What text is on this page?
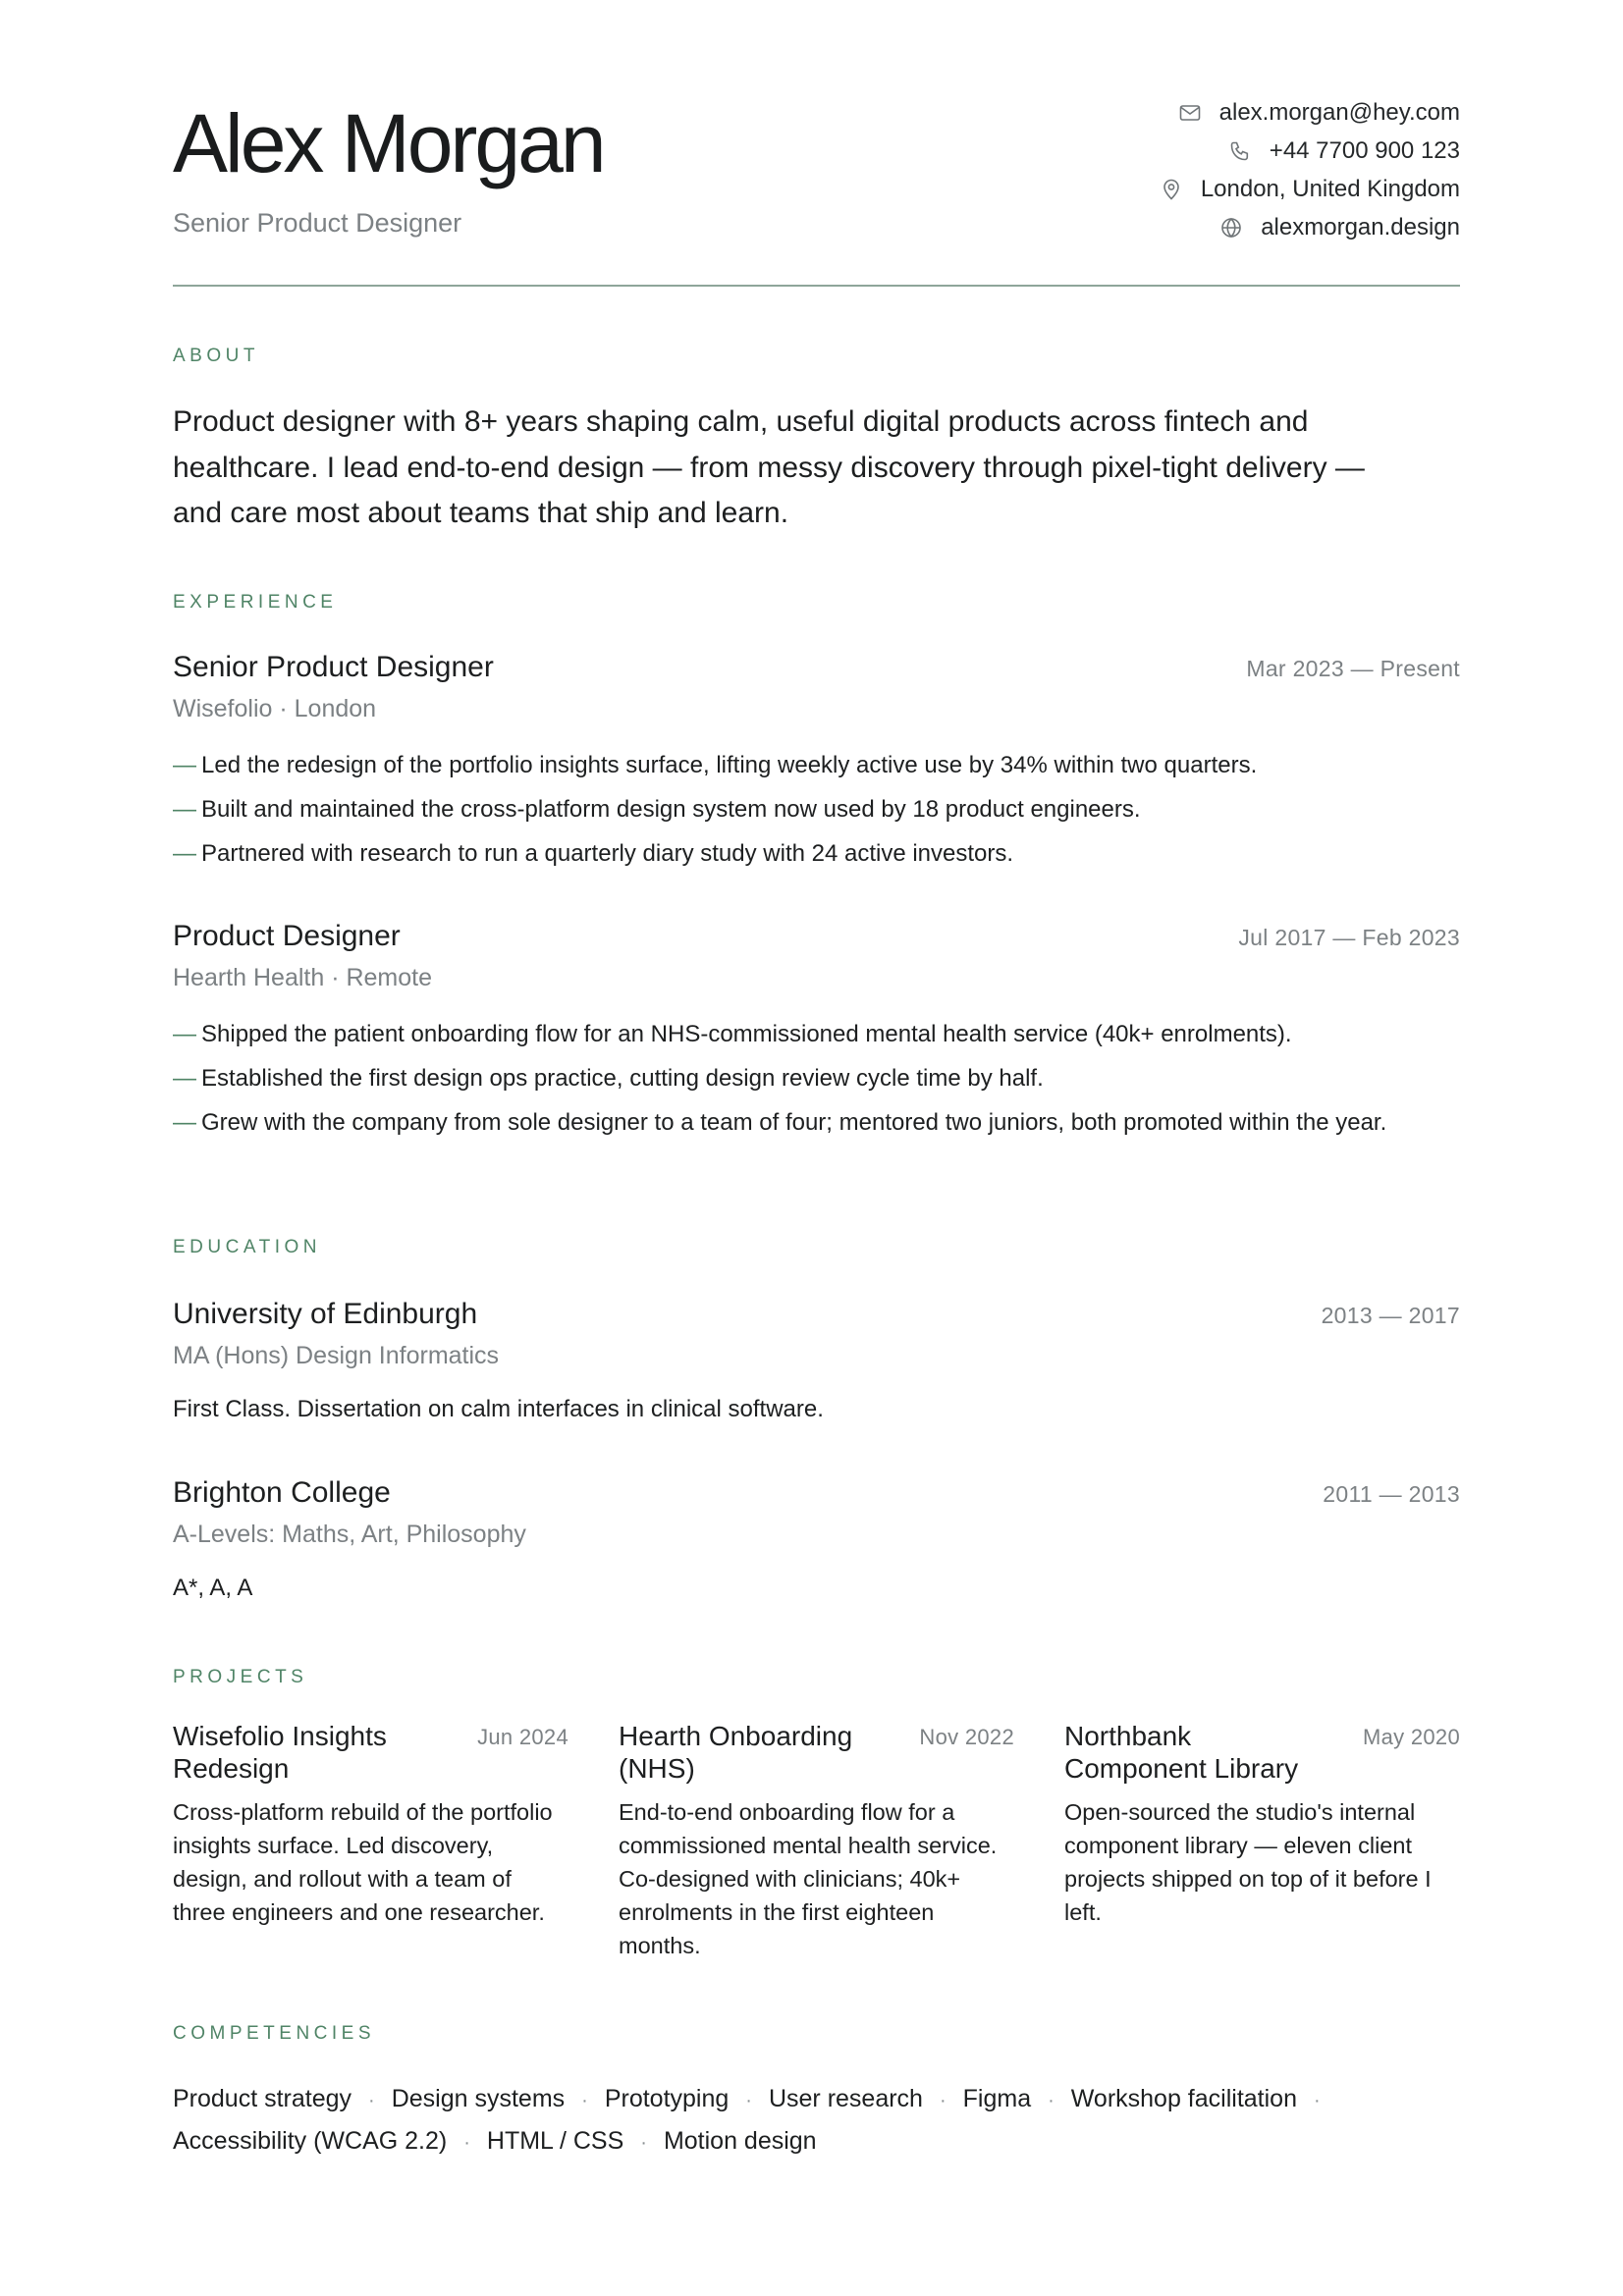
Alex Morgan
Senior Product Designer
alex.morgan@hey.com
+44 7700 900 123
London, United Kingdom
alexmorgan.design
ABOUT
Product designer with 8+ years shaping calm, useful digital products across fintech and healthcare. I lead end-to-end design — from messy discovery through pixel-tight delivery — and care most about teams that ship and learn.
EXPERIENCE
Senior Product Designer	Mar 2023 — Present
Wisefolio · London
— Led the redesign of the portfolio insights surface, lifting weekly active use by 34% within two quarters.
— Built and maintained the cross-platform design system now used by 18 product engineers.
— Partnered with research to run a quarterly diary study with 24 active investors.
Product Designer	Jul 2017 — Feb 2023
Hearth Health · Remote
— Shipped the patient onboarding flow for an NHS-commissioned mental health service (40k+ enrolments).
— Established the first design ops practice, cutting design review cycle time by half.
— Grew with the company from sole designer to a team of four; mentored two juniors, both promoted within the year.
EDUCATION
University of Edinburgh	2013 — 2017
MA (Hons) Design Informatics
First Class. Dissertation on calm interfaces in clinical software.
Brighton College	2011 — 2013
A-Levels: Maths, Art, Philosophy
A*, A, A
PROJECTS
Wisefolio Insights Redesign
Jun 2024
Cross-platform rebuild of the portfolio insights surface. Led discovery, design, and rollout with a team of three engineers and one researcher.
Hearth Onboarding (NHS)
Nov 2022
End-to-end onboarding flow for a commissioned mental health service. Co-designed with clinicians; 40k+ enrolments in the first eighteen months.
Northbank Component Library
May 2020
Open-sourced the studio's internal component library — eleven client projects shipped on top of it before I left.
COMPETENCIES
Product strategy · Design systems · Prototyping · User research · Figma · Workshop facilitation ·
Accessibility (WCAG 2.2) · HTML / CSS · Motion design
